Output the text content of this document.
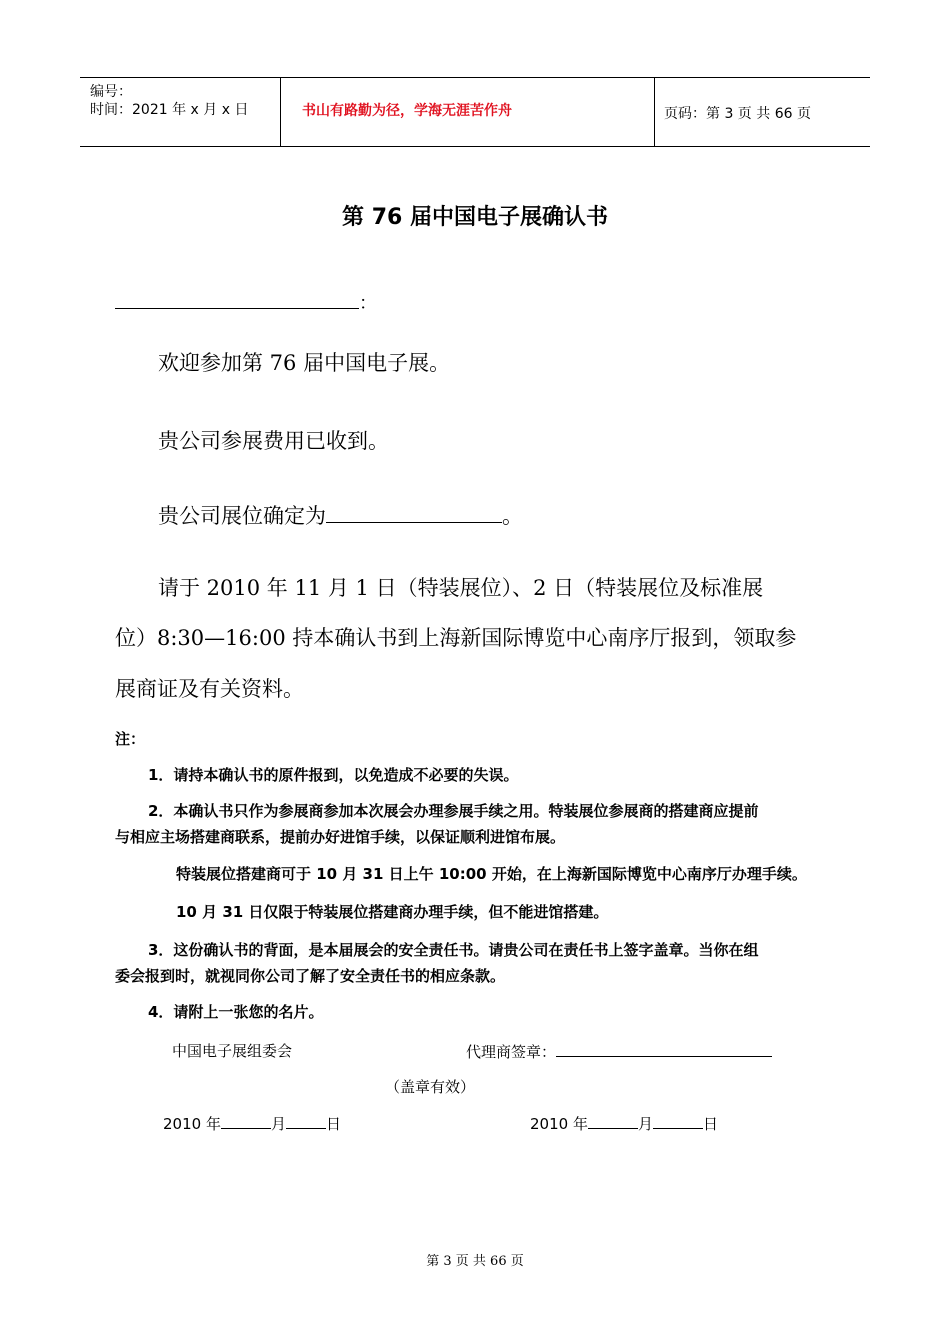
编号：
时间：2021 年 x 月 x 日	书山有路勤为径，学海无涯苦作舟	页码：第 3 页 共 66 页
第 76 届中国电子展确认书
：
欢迎参加第 76 届中国电子展。
贵公司参展费用已收到。
贵公司展位确定为	。
请于 2010 年 11 月 1 日（特装展位）、2 日（特装展位及标准展
位）8:30—16:00 持本确认书到上海新国际博览中心南序厅报到，领取参
展商证及有关资料。
注：
1．请持本确认书的原件报到，以免造成不必要的失误。
2．本确认书只作为参展商参加本次展会办理参展手续之用。特装展位参展商的搭建商应提前
与相应主场搭建商联系，提前办好进馆手续，以保证顺利进馆布展。
特装展位搭建商可于 10 月 31 日上午 10:00 开始，在上海新国际博览中心南序厅办理手续。
10 月 31 日仅限于特装展位搭建商办理手续，但不能进馆搭建。
3．这份确认书的背面，是本届展会的安全责任书。请贵公司在责任书上签字盖章。当你在组
委会报到时，就视同你公司了解了安全责任书的相应条款。
4．请附上一张您的名片。
中国电子展组委会	代理商签章：
（盖章有效）
2010 年	月	日	2010 年	月	日
第 3 页 共 66 页
